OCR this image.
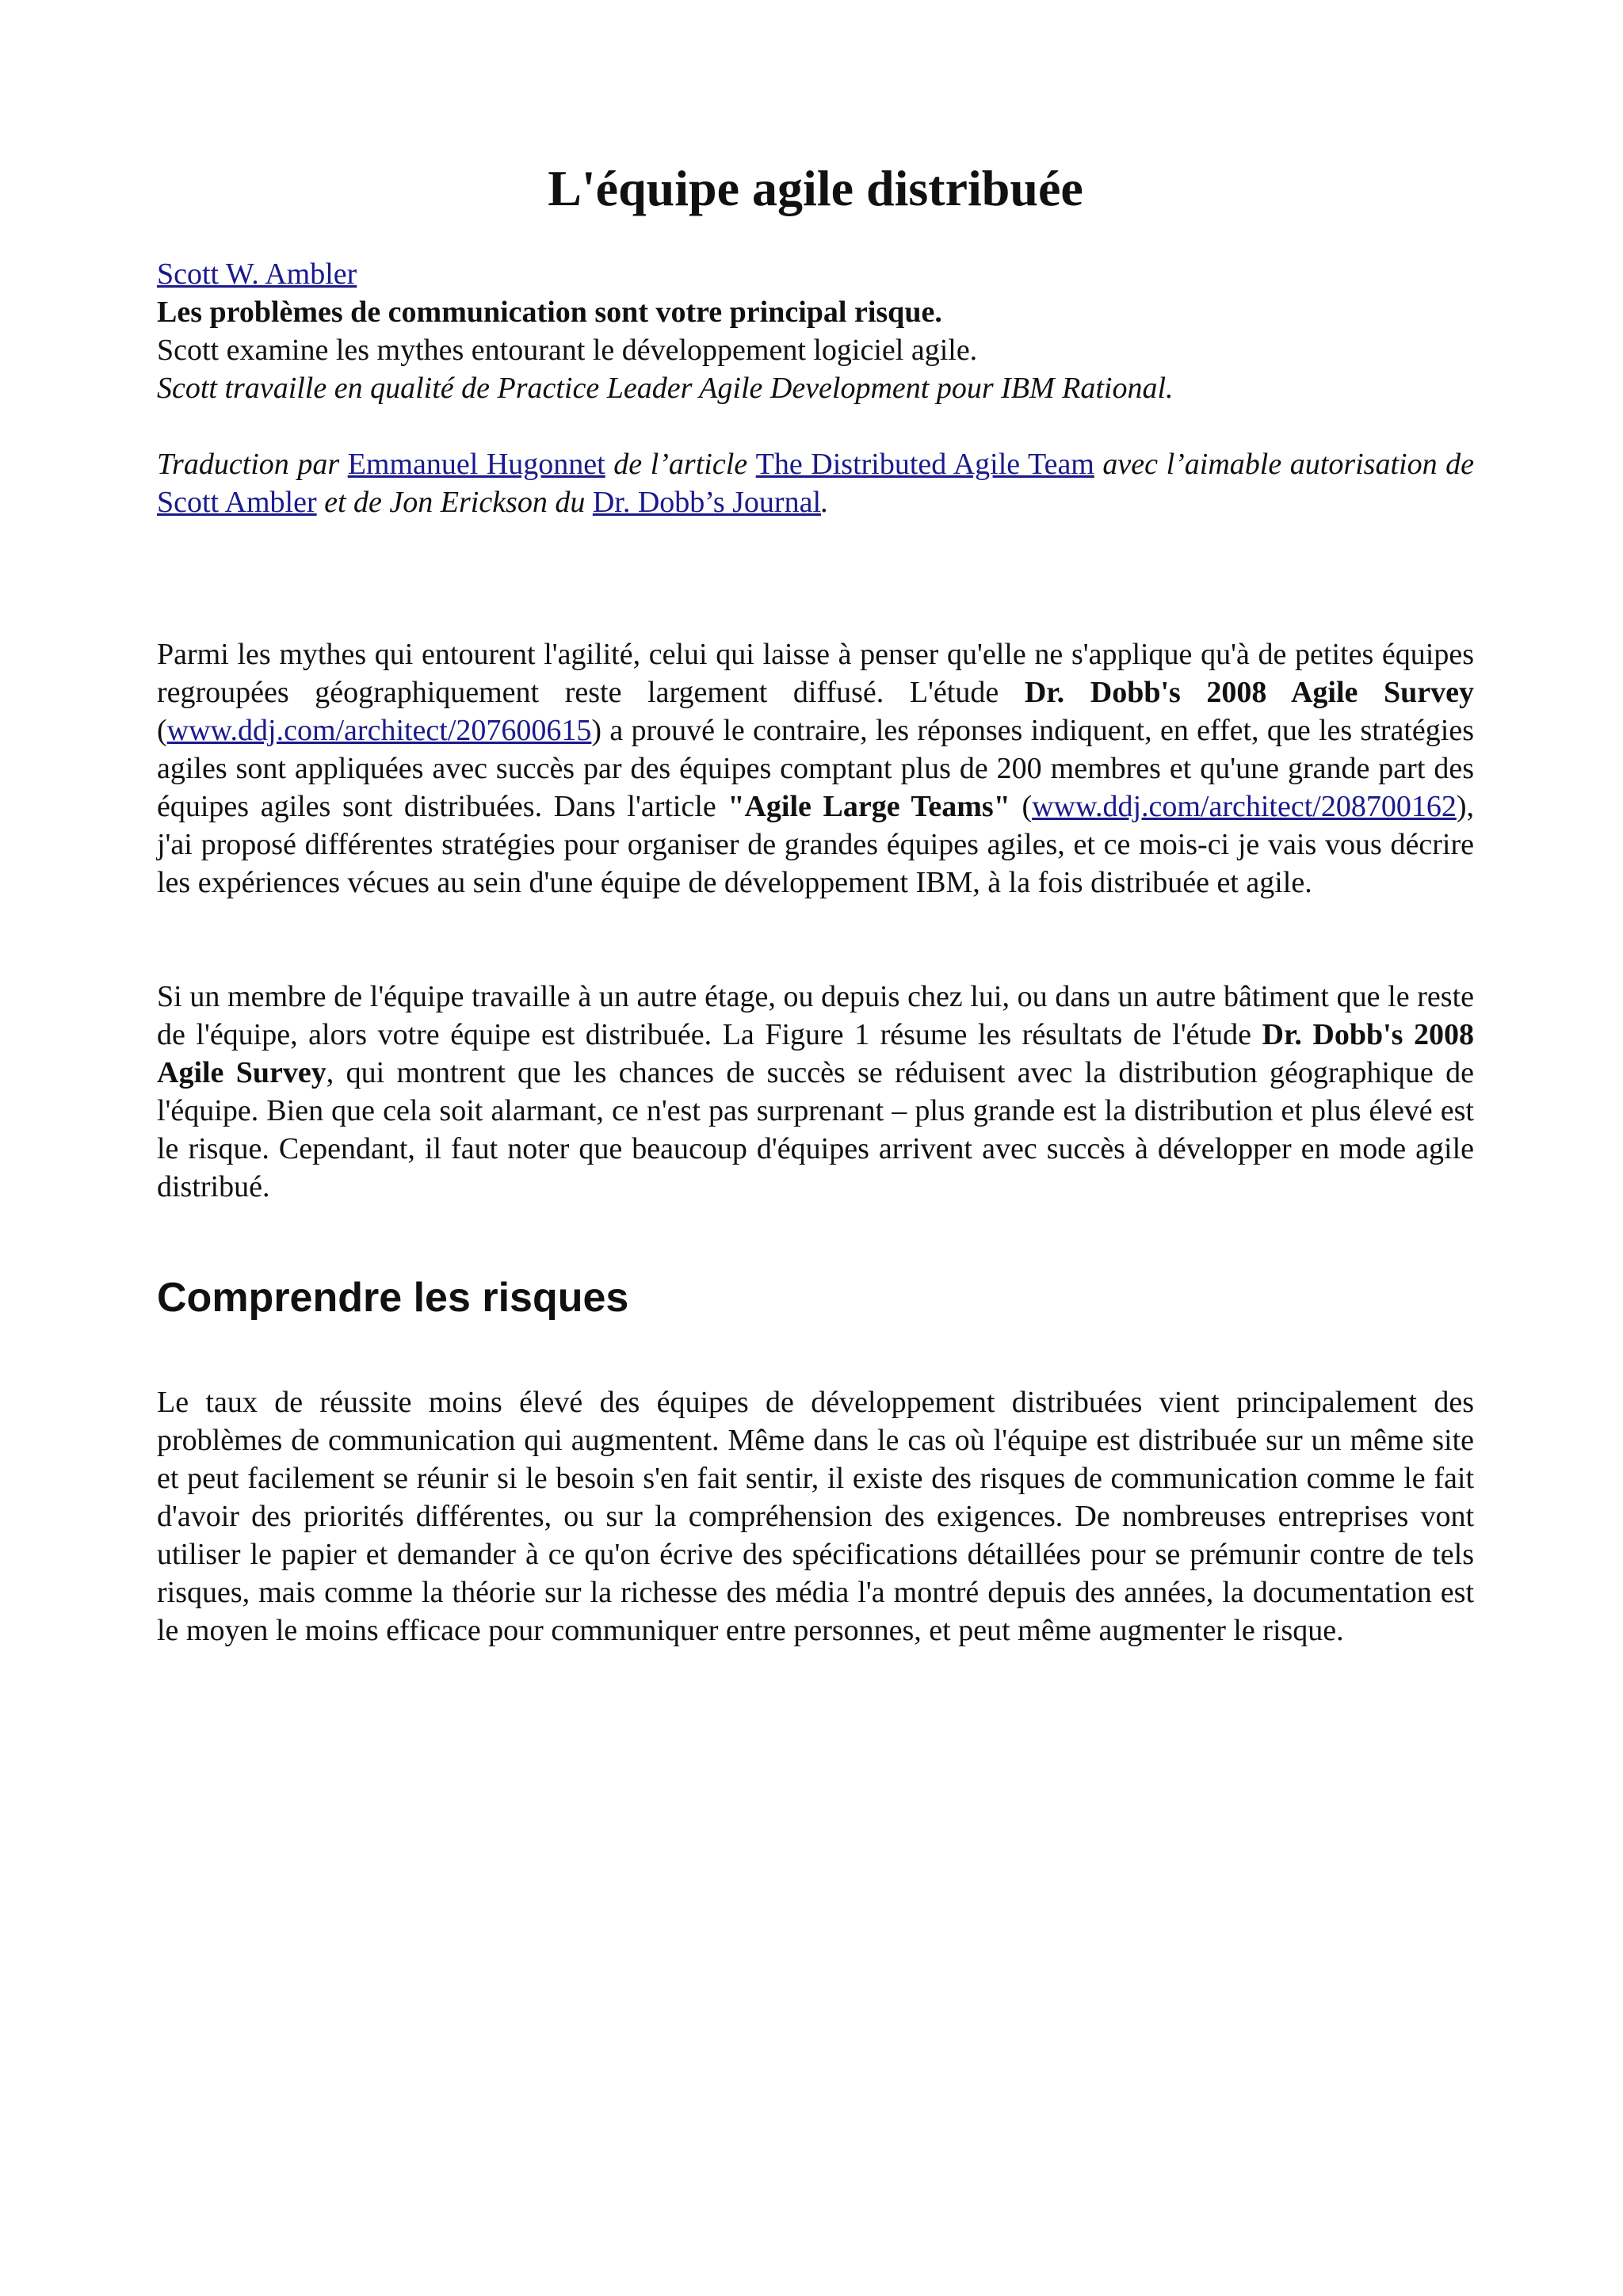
L'équipe agile distribuée
Scott W. Ambler
Les problèmes de communication sont votre principal risque.
Scott examine les mythes entourant le développement logiciel agile.
Scott travaille en qualité de Practice Leader Agile Development pour IBM Rational.
Traduction par Emmanuel Hugonnet de l’article The Distributed Agile Team avec l’aimable autorisation de Scott Ambler et de Jon Erickson du Dr. Dobb’s Journal.

Parmi les mythes qui entourent l'agilité, celui qui laisse à penser qu'elle ne s'applique qu'à de petites équipes regroupées géographiquement reste largement diffusé. L'étude Dr. Dobb's 2008 Agile Survey (www.ddj.com/architect/207600615) a prouvé le contraire, les réponses indiquent, en effet, que les stratégies agiles sont appliquées avec succès par des équipes comptant plus de 200 membres et qu'une grande part des équipes agiles sont distribuées. Dans l'article "Agile Large Teams" (www.ddj.com/architect/208700162), j'ai proposé différentes stratégies pour organiser de grandes équipes agiles, et ce mois-ci je vais vous décrire les expériences vécues au sein d'une équipe de développement IBM, à la fois distribuée et agile.

Si un membre de l'équipe travaille à un autre étage, ou depuis chez lui, ou dans un autre bâtiment que le reste de l'équipe, alors votre équipe est distribuée. La Figure 1 résume les résultats de l'étude Dr. Dobb's 2008 Agile Survey, qui montrent que les chances de succès se réduisent avec la distribution géographique de l'équipe. Bien que cela soit alarmant, ce n'est pas surprenant – plus grande est la distribution et plus élevé est le risque. Cependant, il faut noter que beaucoup d'équipes arrivent avec succès à développer en mode agile distribué.

Comprendre les risques

Le taux de réussite moins élevé des équipes de développement distribuées vient principalement des problèmes de communication qui augmentent. Même dans le cas où l'équipe est distribuée sur un même site et peut facilement se réunir si le besoin s'en fait sentir, il existe des risques de communication comme le fait d'avoir des priorités différentes, ou sur la compréhension des exigences. De nombreuses entreprises vont utiliser le papier et demander à ce qu'on écrive des spécifications détaillées pour se prémunir contre de tels risques, mais comme la théorie sur la richesse des média l'a montré depuis des années, la documentation est le moyen le moins efficace pour communiquer entre personnes, et peut même augmenter le risque.
